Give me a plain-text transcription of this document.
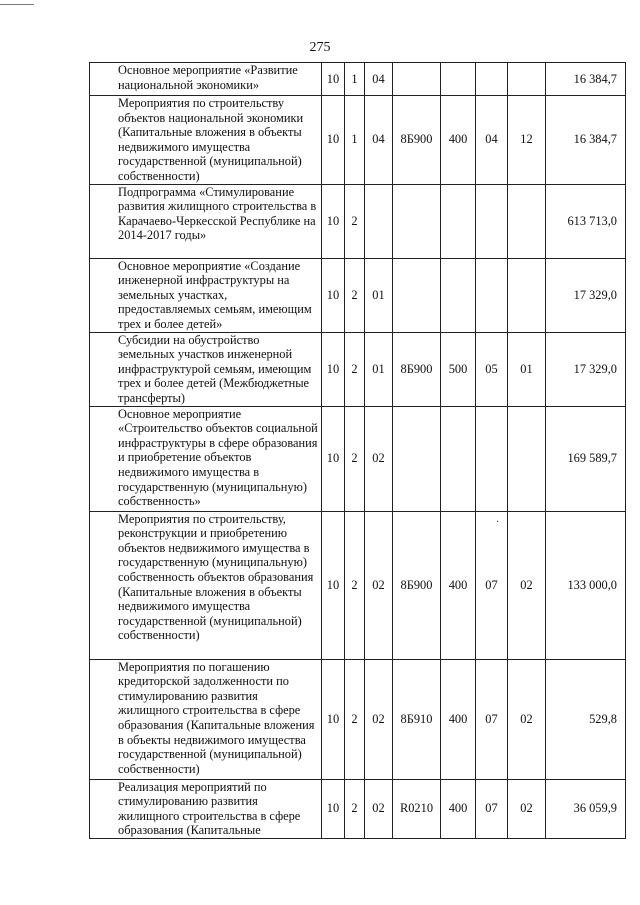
275
Основное мероприятие «Развитие национальной экономики»	10	1	04					16 384,7
Мероприятия по строительству объектов национальной экономики (Капитальные вложения в объекты недвижимого имущества государственной (муниципальной) собственности)	10	1	04	8Б900	400	04	12	16 384,7
Подпрограмма «Стимулирование развития жилищного строительства в Карачаево-Черкесской Республике на 2014-2017 годы»	10	2						613 713,0
Основное мероприятие «Создание инженерной инфраструктуры на земельных участках, предоставляемых семьям, имеющим трех и более детей»	10	2	01					17 329,0
Субсидии на обустройство земельных участков инженерной инфраструктурой семьям, имеющим трех и более детей (Межбюджетные трансферты)	10	2	01	8Б900	500	05	01	17 329,0
Основное мероприятие «Строительство объектов социальной инфраструктуры в сфере образования и приобретение объектов недвижимого имущества в государственную (муниципальную) собственность»	10	2	02					169 589,7
Мероприятия по строительству, реконструкции и приобретению объектов недвижимого имущества в государственную (муниципальную) собственность объектов образования (Капитальные вложения в объекты недвижимого имущества государственной (муниципальной) собственности)	10	2	02	8Б900	400	07	02	133 000,0
Мероприятия по погашению кредиторской задолженности по стимулированию развития жилищного строительства в сфере образования (Капитальные вложения в объекты недвижимого имущества государственной (муниципальной) собственности)	10	2	02	8Б910	400	07	02	529,8
Реализация мероприятий по стимулированию развития жилищного строительства в сфере образования (Капитальные	10	2	02	R0210	400	07	02	36 059,9
·
